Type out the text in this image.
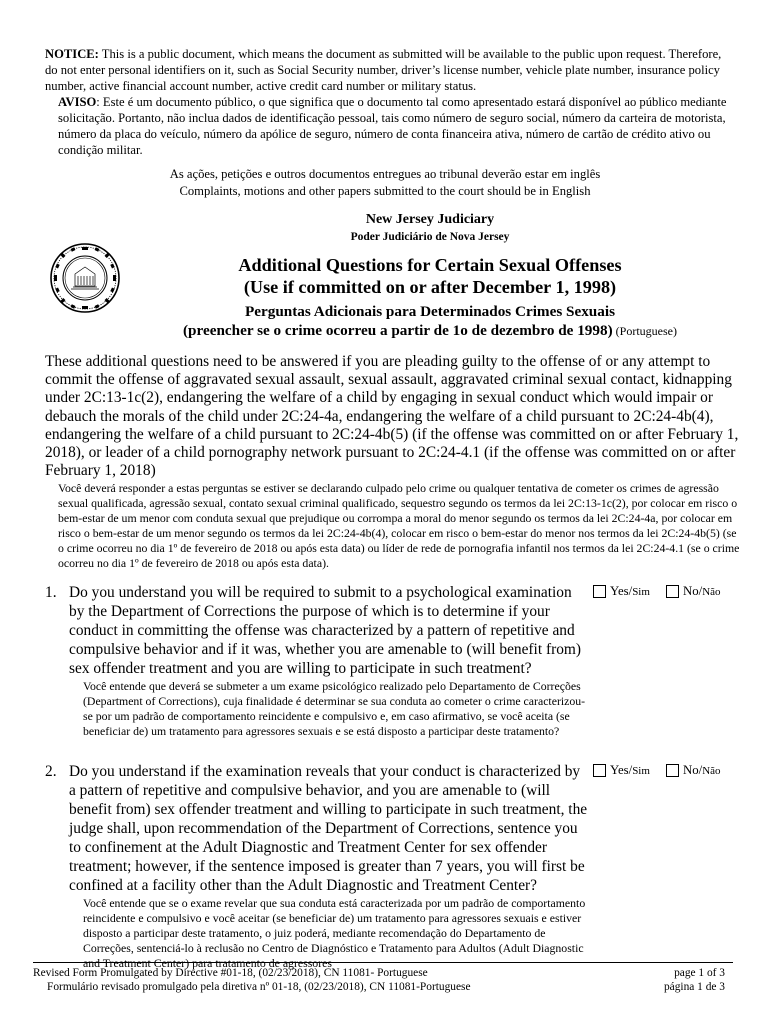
NOTICE: This is a public document, which means the document as submitted will be available to the public upon request. Therefore, do not enter personal identifiers on it, such as Social Security number, driver’s license number, vehicle plate number, insurance policy number, active financial account number, active credit card number or military status.
AVISO: Este é um documento público, o que significa que o documento tal como apresentado estará disponível ao público mediante solicitação. Portanto, não inclua dados de identificação pessoal, tais como número de seguro social, número da carteira de motorista, número da placa do veículo, número da apólice de seguro, número de conta financeira ativa, número de cartão de crédito ativo ou condição militar.
As ações, petições e outros documentos entregues ao tribunal deverão estar em inglês
Complaints, motions and other papers submitted to the court should be in English
New Jersey Judiciary
Poder Judiciário de Nova Jersey
Additional Questions for Certain Sexual Offenses
(Use if committed on or after December 1, 1998)
Perguntas Adicionais para Determinados Crimes Sexuais
(preencher se o crime ocorreu a partir de 1o de dezembro de 1998) (Portuguese)
These additional questions need to be answered if you are pleading guilty to the offense of or any attempt to commit the offense of aggravated sexual assault, sexual assault, aggravated criminal sexual contact, kidnapping under 2C:13-1c(2), endangering the welfare of a child by engaging in sexual conduct which would impair or debauch the morals of the child under 2C:24-4a, endangering the welfare of a child pursuant to 2C:24-4b(4), endangering the welfare of a child pursuant to 2C:24-4b(5) (if the offense was committed on or after February 1, 2018), or leader of a child pornography network pursuant to 2C:24-4.1 (if the offense was committed on or after February 1, 2018)
Você deverá responder a estas perguntas se estiver se declarando culpado pelo crime ou qualquer tentativa de cometer os crimes de agressão sexual qualificada, agressão sexual, contato sexual criminal qualificado, sequestro segundo os termos da lei 2C:13-1c(2), por colocar em risco o bem-estar de um menor com conduta sexual que prejudique ou corrompa a moral do menor segundo os termos da lei 2C:24-4a, por colocar em risco o bem-estar de um menor segundo os termos da lei 2C:24-4b(4), colocar em risco o bem-estar do menor nos termos da lei 2C:24-4b(5) (se o crime ocorreu no dia 1º de fevereiro de 2018 ou após esta data) ou líder de rede de pornografia infantil nos termos da lei 2C:24-4.1 (se o crime ocorreu no dia 1º de fevereiro de 2018 ou após esta data).
1. Do you understand you will be required to submit to a psychological examination by the Department of Corrections the purpose of which is to determine if your conduct in committing the offense was characterized by a pattern of repetitive and compulsive behavior and if it was, whether you are amenable to (will benefit from) sex offender treatment and you are willing to participate in such treatment?
Você entende que deverá se submeter a um exame psicológico realizado pelo Departamento de Correções (Department of Corrections), cuja finalidade é determinar se sua conduta ao cometer o crime caracterizou-se por um padrão de comportamento reincidente e compulsivo e, em caso afirmativo, se você aceita (se beneficiar de) um tratamento para agressores sexuais e se está disposto a participar deste tratamento?
Yes/ Sim	No/ Não
2. Do you understand if the examination reveals that your conduct is characterized by a pattern of repetitive and compulsive behavior, and you are amenable to (will benefit from) sex offender treatment and willing to participate in such treatment, the judge shall, upon recommendation of the Department of Corrections, sentence you to confinement at the Adult Diagnostic and Treatment Center for sex offender treatment; however, if the sentence imposed is greater than 7 years, you will first be confined at a facility other than the Adult Diagnostic and Treatment Center?
Você entende que se o exame revelar que sua conduta está caracterizada por um padrão de comportamento reincidente e compulsivo e você aceitar (se beneficiar de) um tratamento para agressores sexuais e estiver disposto a participar deste tratamento, o juiz poderá, mediante recomendação do Departamento de Correções, sentenciá-lo à reclusão no Centro de Diagnóstico e Tratamento para Adultos (Adult Diagnostic and Treatment Center) para tratamento de agressores
Yes/ Sim	No/ Não
Revised Form Promulgated by Directive #01-18, (02/23/2018), CN 11081- Portuguese
Formulário revisado promulgado pela diretiva nº 01-18, (02/23/2018), CN 11081-Portuguese
page 1 of 3
página 1 de 3
